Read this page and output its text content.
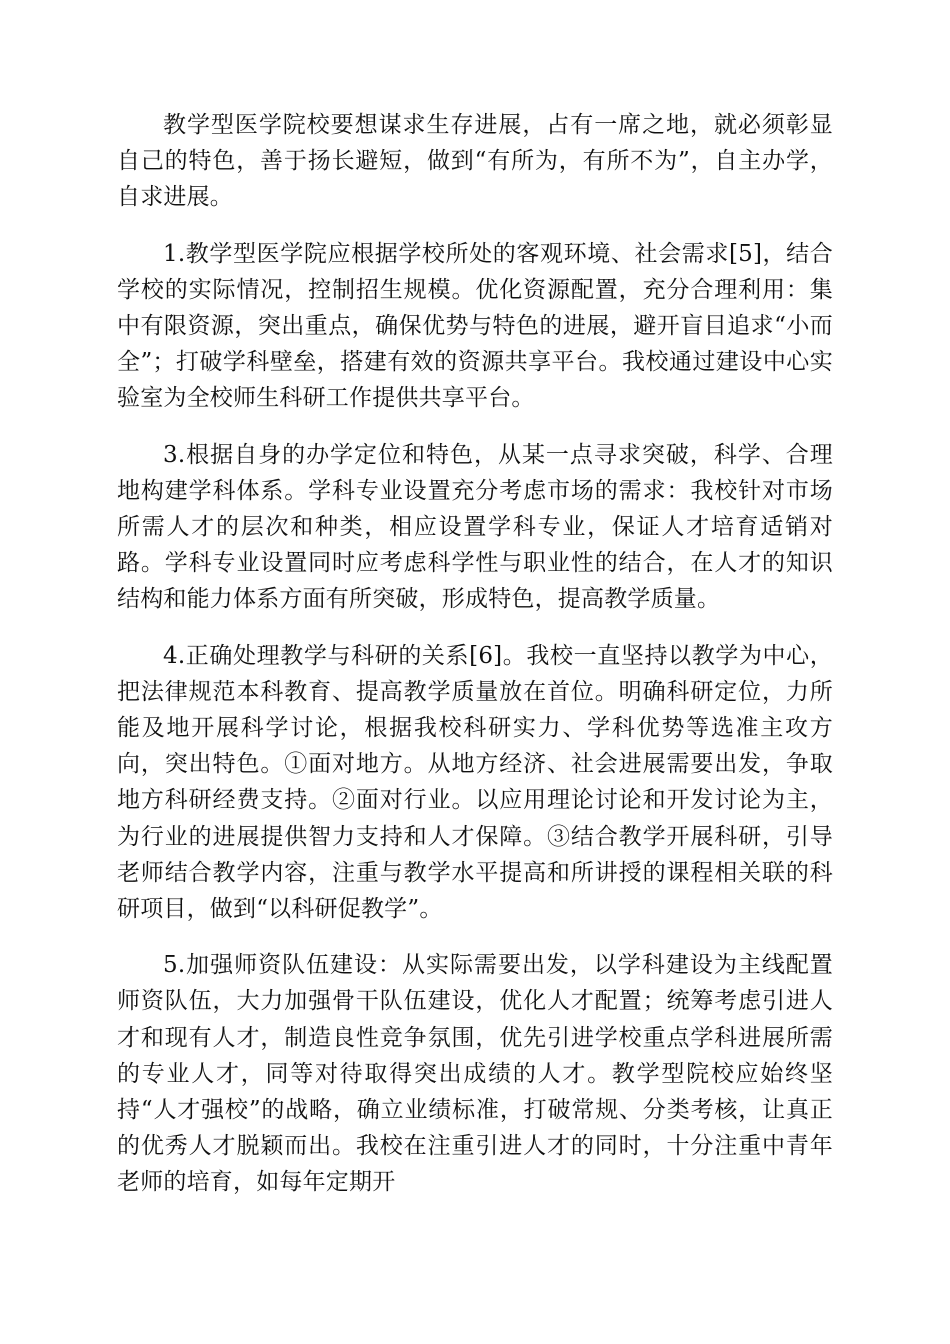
教学型医学院校要想谋求生存进展，占有一席之地，就必须彰显自己的特色，善于扬长避短，做到“有所为，有所不为”，自主办学，自求进展。

1.教学型医学院应根据学校所处的客观环境、社会需求[5]，结合学校的实际情况，控制招生规模。优化资源配置，充分合理利用：集中有限资源，突出重点，确保优势与特色的进展，避开盲目追求“小而全”；打破学科壁垒，搭建有效的资源共享平台。我校通过建设中心实验室为全校师生科研工作提供共享平台。

3.根据自身的办学定位和特色，从某一点寻求突破，科学、合理地构建学科体系。学科专业设置充分考虑市场的需求：我校针对市场所需人才的层次和种类，相应设置学科专业，保证人才培育适销对路。学科专业设置同时应考虑科学性与职业性的结合，在人才的知识结构和能力体系方面有所突破，形成特色，提高教学质量。

4.正确处理教学与科研的关系[6]。我校一直坚持以教学为中心，把法律规范本科教育、提高教学质量放在首位。明确科研定位，力所能及地开展科学讨论，根据我校科研实力、学科优势等选准主攻方向，突出特色。①面对地方。从地方经济、社会进展需要出发，争取地方科研经费支持。②面对行业。以应用理论讨论和开发讨论为主，为行业的进展提供智力支持和人才保障。③结合教学开展科研，引导老师结合教学内容，注重与教学水平提高和所讲授的课程相关联的科研项目，做到“以科研促教学”。

5.加强师资队伍建设：从实际需要出发，以学科建设为主线配置师资队伍，大力加强骨干队伍建设，优化人才配置；统筹考虑引进人才和现有人才，制造良性竞争氛围，优先引进学校重点学科进展所需的专业人才，同等对待取得突出成绩的人才。教学型院校应始终坚持“人才强校”的战略，确立业绩标准，打破常规、分类考核，让真正的优秀人才脱颖而出。我校在注重引进人才的同时，十分注重中青年老师的培育，如每年定期开
